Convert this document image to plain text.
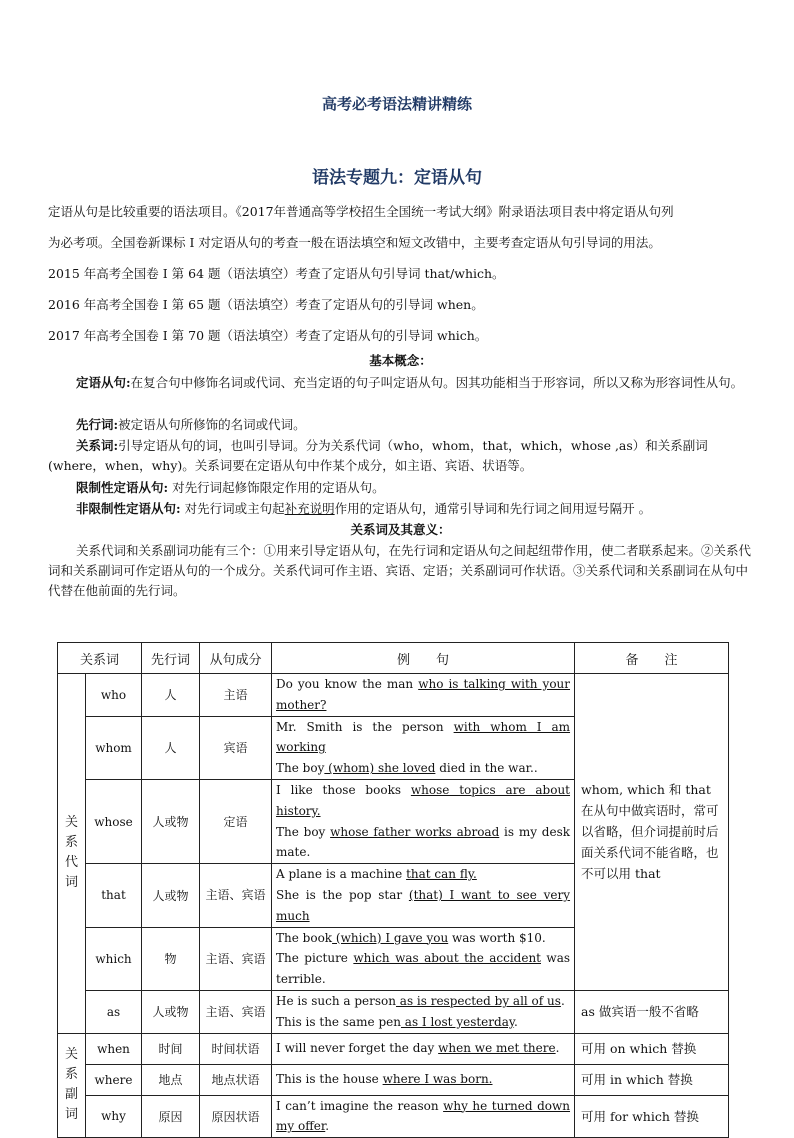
高考必考语法精讲精练
语法专题九：定语从句

定语从句是比较重要的语法项目。《2017年普通高等学校招生全国统一考试大纲》附录语法项目表中将定语从句列

为必考项。全国卷新课标 I 对定语从句的考查一般在语法填空和短文改错中，主要考查定语从句引导词的用法。

2015 年高考全国卷 I 第 64 题（语法填空）考查了定语从句引导词 that/which。

2016 年高考全国卷 I 第 65 题（语法填空）考查了定语从句的引导词 when。

2017 年高考全国卷 I 第 70 题（语法填空）考查了定语从句的引导词 which。

基本概念：

定语从句:在复合句中修饰名词或代词、充当定语的句子叫定语从句。因其功能相当于形容词，所以又称为形容词性从句。

先行词:被定语从句所修饰的名词或代词。

关系词:引导定语从句的词，也叫引导词。分为关系代词（who，whom，that，which，whose ,as）和关系副词(where，when，why)。关系词要在定语从句中作某个成分，如主语、宾语、状语等。

限制性定语从句: 对先行词起修饰限定作用的定语从句。

非限制性定语从句: 对先行词或主句起补充说明作用的定语从句，通常引导词和先行词之间用逗号隔开 。

关系词及其意义：

关系代词和关系副词功能有三个：①用来引导定语从句，在先行词和定语从句之间起纽带作用，使二者联系起来。②关系代词和关系副词可作定语从句的一个成分。关系代词可作主语、宾语、定语；关系副词可作状语。③关系代词和关系副词在从句中代替在他前面的先行词。

关系词		先行词	从句成分	例　　句	备　　注

关系代词	who	人	主语	Do you know the man who is talking with your mother?	whom, which 和 that 在从句中做宾语时，常可以省略，但介词提前时后面关系代词不能省略，也不可以用 that
	whom	人	宾语	Mr. Smith is the person with whom I am working
The boy (whom) she loved died in the war..	
	whose	人或物	定语	I like those books whose topics are about history.
The boy whose father works abroad is my desk mate.	
	that	人或物	主语、宾语	A plane is a machine that can fly.
She is the pop star (that) I want to see very much	
	which	物	主语、宾语	The book (which) I gave you was worth $10.
The picture which was about the accident was terrible.	
	as	人或物	主语、宾语	He is such a person as is respected by all of us.
This is the same pen as I lost yesterday.	as 做宾语一般不省略

关系副词	when	时间	时间状语	I will never forget the day when we met there.	可用 on which 替换
	where	地点	地点状语	This is the house where I was born.	可用 in which 替换
	why	原因	原因状语	I can’t imagine the reason why he turned down my offer.	可用 for which 替换
